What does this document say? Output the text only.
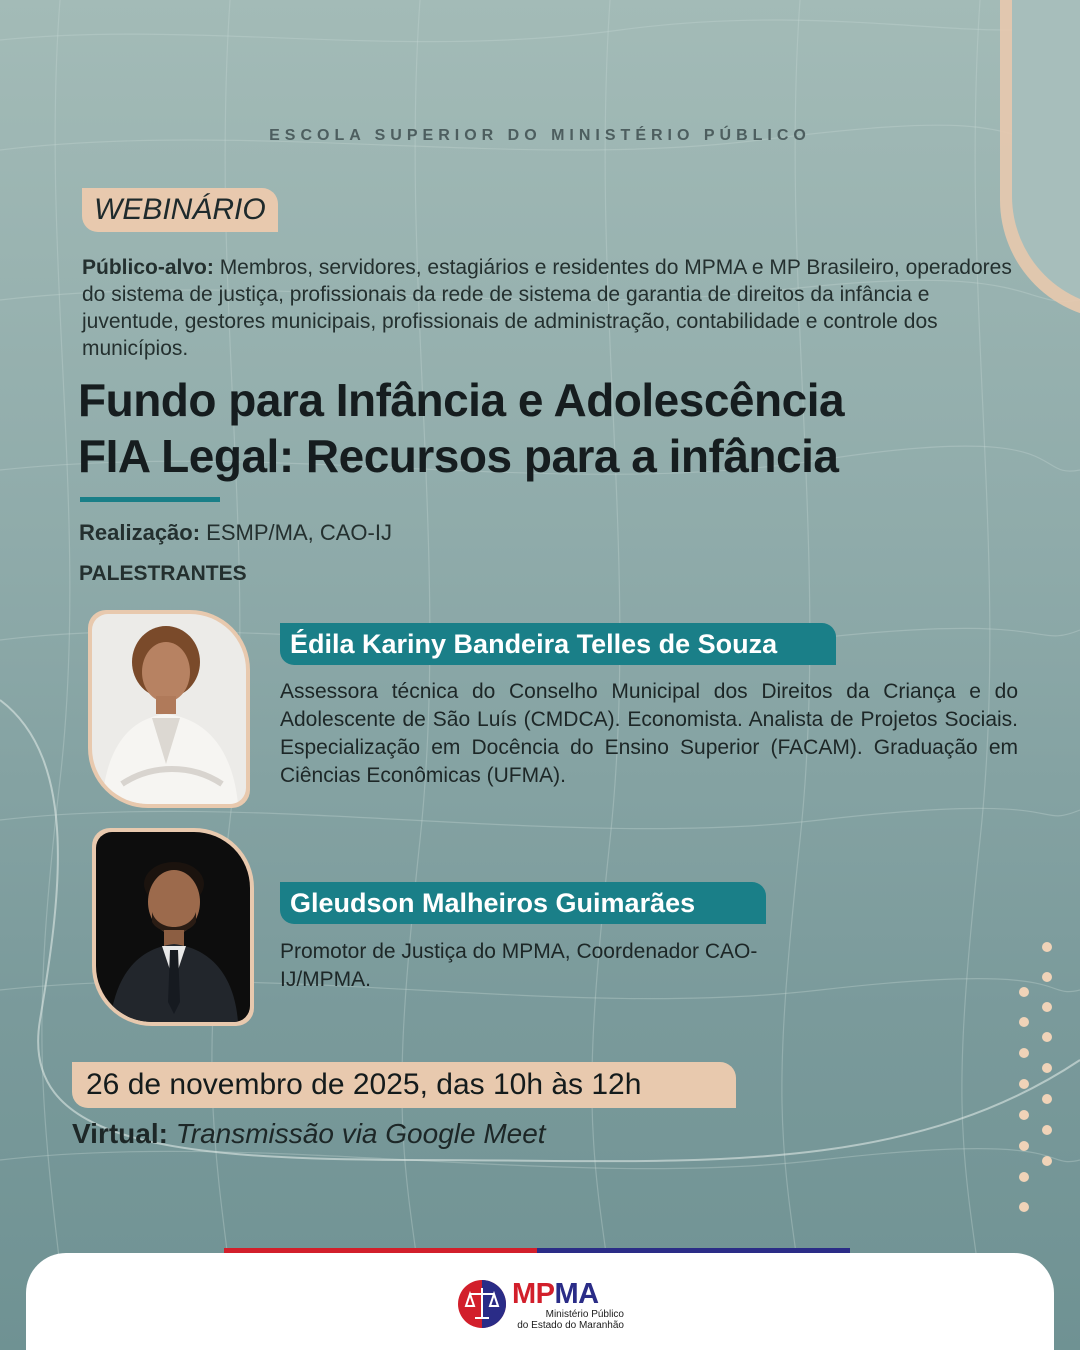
ESCOLA SUPERIOR DO MINISTÉRIO PÚBLICO
WEBINÁRIO
Público-alvo: Membros, servidores, estagiários e residentes do MPMA e MP Brasileiro, operadores do sistema de justiça, profissionais da rede de sistema de garantia de direitos da infância e juventude, gestores municipais, profissionais de administração, contabilidade e controle dos municípios.
Fundo para Infância e Adolescência
FIA Legal: Recursos para a infância
Realização: ESMP/MA, CAO-IJ
PALESTRANTES
Édila Kariny Bandeira Telles de Souza
Assessora técnica do Conselho Municipal dos Direitos da Criança e do Adolescente de São Luís (CMDCA). Economista. Analista de Projetos Sociais. Especialização em Docência do Ensino Superior (FACAM). Graduação em Ciências Econômicas (UFMA).
Gleudson Malheiros Guimarães
Promotor de Justiça do MPMA, Coordenador CAO-IJ/MPMA.
26 de novembro de 2025, das 10h às 12h
Virtual: Transmissão via Google Meet
MPMA
Ministério Público
do Estado do Maranhão
